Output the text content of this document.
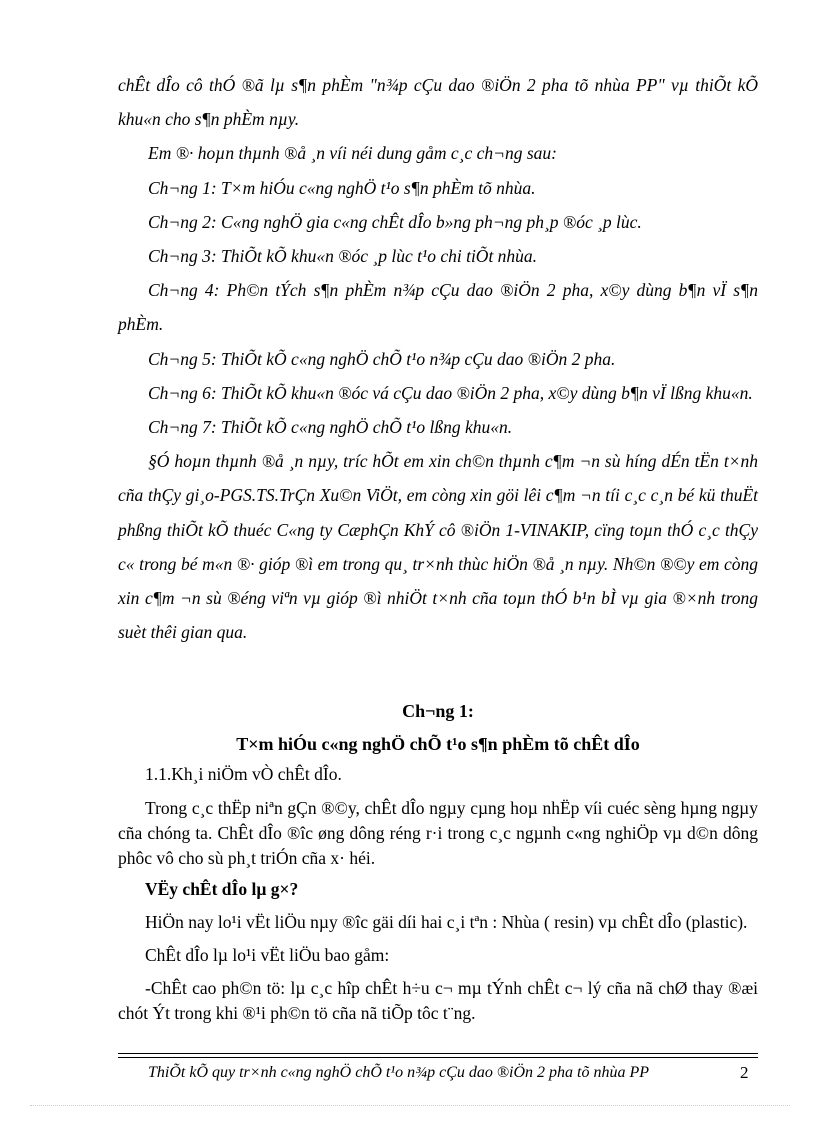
chÊt dÎo cô thÓ ®ã lµ s¶n phÈm "n¾p cÇu dao ®iÖn 2 pha tõ nhùa PP" vµ thiÕt kÕ khu«n cho s¶n phÈm nµy.

Em ®· hoµn thµnh ®å ¸n víi néi dung gåm c¸c ch¬ng sau:

Ch¬ng 1: T×m hiÓu c«ng nghÖ t¹o s¶n phÈm tõ nhùa.

Ch¬ng 2: C«ng nghÖ gia c«ng chÊt dÎo b»ng ph¬ng ph¸p ®óc ¸p lùc.

Ch¬ng 3: ThiÕt kÕ khu«n ®óc ¸p lùc t¹o chi tiÕt nhùa.

Ch¬ng 4: Ph©n tÝch s¶n phÈm n¾p cÇu dao ®iÖn 2 pha, x©y dùng b¶n vÏ s¶n phÈm.

Ch¬ng 5: ThiÕt kÕ c«ng nghÖ chÕ t¹o n¾p cÇu dao ®iÖn 2 pha.

Ch¬ng 6: ThiÕt kÕ khu«n ®óc vá cÇu dao ®iÖn 2 pha, x©y dùng b¶n vÏ lßng khu«n.

Ch¬ng 7: ThiÕt kÕ c«ng nghÖ chÕ t¹o lßng khu«n.

§Ó hoµn thµnh ®å ¸n nµy, tríc hÕt em xin ch©n thµnh c¶m ¬n sù híng dÉn tËn t×nh cña thÇy gi¸o-PGS.TS.TrÇn Xu©n ViÖt, em còng xin göi lêi c¶m ¬n tíi c¸c c¸n bé kü thuËt phßng thiÕt kÕ thuéc C«ng ty CæphÇn KhÝ cô ®iÖn 1-VINAKIP, cïng toµn thÓ c¸c thÇy c« trong bé m«n ®· gióp ®ì em trong qu¸ tr×nh thùc hiÖn ®å ¸n nµy. Nh©n ®©y em còng xin c¶m ¬n sù ®éng viªn vµ gióp ®ì nhiÖt t×nh cña toµn thÓ b¹n bÌ vµ gia ®×nh trong suèt thêi gian qua.

Ch¬ng 1:
T×m hiÓu c«ng nghÖ chÕ t¹o s¶n phÈm tõ chÊt dÎo

1.1.Kh¸i niÖm vÒ chÊt dÎo.

Trong c¸c thËp niªn gÇn ®©y, chÊt dÎo ngµy cµng hoµ nhËp víi cuéc sèng hµng ngµy cña chóng ta. ChÊt dÎo ®îc øng dông réng r·i trong c¸c ngµnh c«ng nghiÖp vµ d©n dông phôc vô cho sù ph¸t triÓn cña x· héi.

VËy chÊt dÎo lµ g×?

HiÖn nay lo¹i vËt liÖu nµy ®îc gäi díi hai c¸i tªn : Nhùa ( resin) vµ chÊt dÎo (plastic).

ChÊt dÎo lµ lo¹i vËt liÖu bao gåm:

-ChÊt cao ph©n tö: lµ c¸c hîp chÊt h÷u c¬ mµ tÝnh chÊt c¬ lý cña nã chØ thay ®æi chót Ýt trong khi ®¹i ph©n tö cña nã tiÕp tôc t¨ng.

ThiÕt kÕ quy tr×nh c«ng nghÖ chÕ t¹o n¾p cÇu dao ®iÖn 2 pha tõ nhùa PP	2
